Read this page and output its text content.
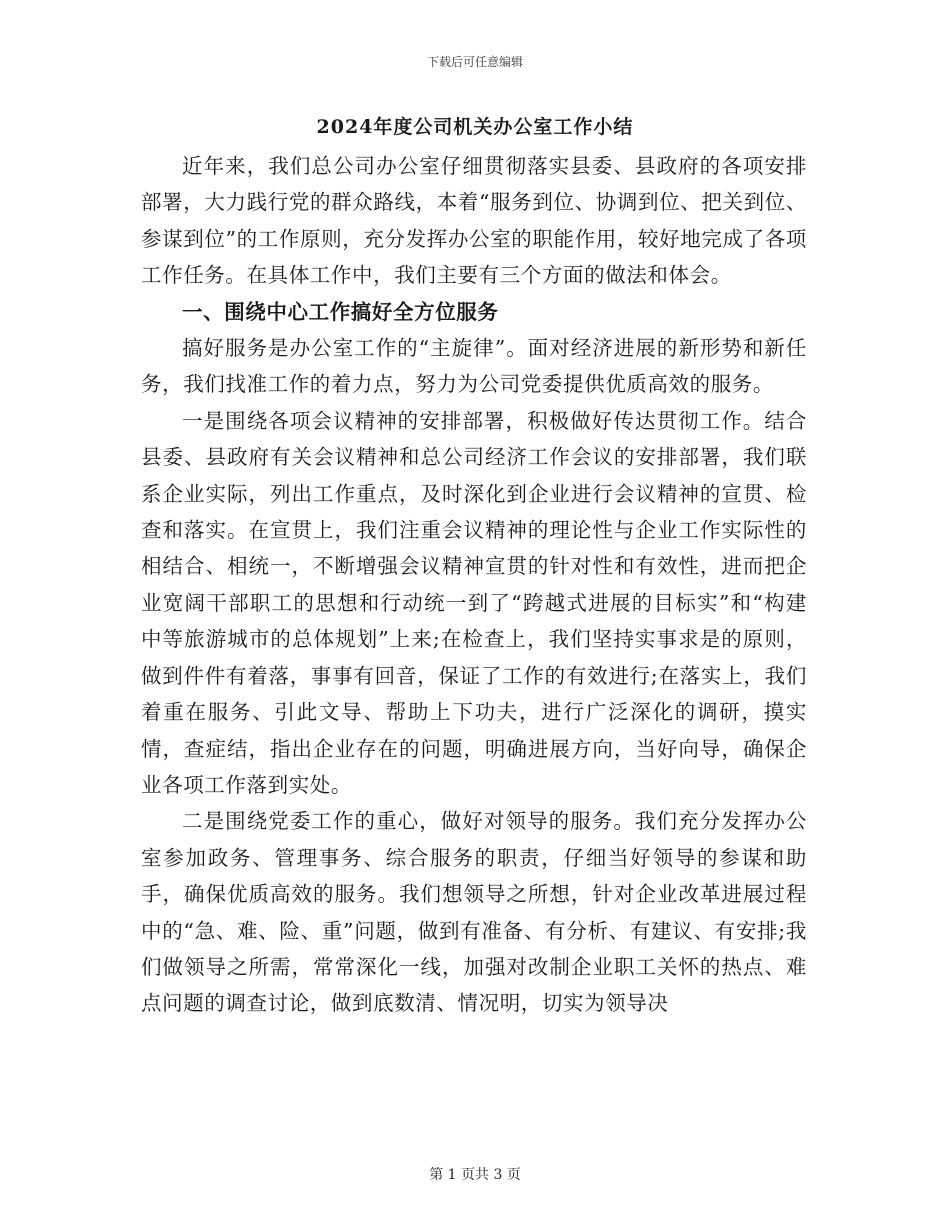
下载后可任意编辑
2024年度公司机关办公室工作小结

近年来，我们总公司办公室仔细贯彻落实县委、县政府的各项安排部署，大力践行党的群众路线，本着“服务到位、协调到位、把关到位、参谋到位”的工作原则，充分发挥办公室的职能作用，较好地完成了各项工作任务。在具体工作中，我们主要有三个方面的做法和体会。

一、围绕中心工作搞好全方位服务

搞好服务是办公室工作的“主旋律”。面对经济进展的新形势和新任务，我们找准工作的着力点，努力为公司党委提供优质高效的服务。

一是围绕各项会议精神的安排部署，积极做好传达贯彻工作。结合县委、县政府有关会议精神和总公司经济工作会议的安排部署，我们联系企业实际，列出工作重点，及时深化到企业进行会议精神的宣贯、检查和落实。在宣贯上，我们注重会议精神的理论性与企业工作实际性的相结合、相统一，不断增强会议精神宣贯的针对性和有效性，进而把企业宽阔干部职工的思想和行动统一到了“跨越式进展的目标实”和“构建中等旅游城市的总体规划”上来;在检查上，我们坚持实事求是的原则，做到件件有着落，事事有回音，保证了工作的有效进行;在落实上，我们着重在服务、引此文导、帮助上下功夫，进行广泛深化的调研，摸实情，查症结，指出企业存在的问题，明确进展方向，当好向导，确保企业各项工作落到实处。

二是围绕党委工作的重心，做好对领导的服务。我们充分发挥办公室参加政务、管理事务、综合服务的职责，仔细当好领导的参谋和助手，确保优质高效的服务。我们想领导之所想，针对企业改革进展过程中的“急、难、险、重”问题，做到有准备、有分析、有建议、有安排;我们做领导之所需，常常深化一线，加强对改制企业职工关怀的热点、难点问题的调查讨论，做到底数清、情况明，切实为领导决

第 1 页共 3 页
